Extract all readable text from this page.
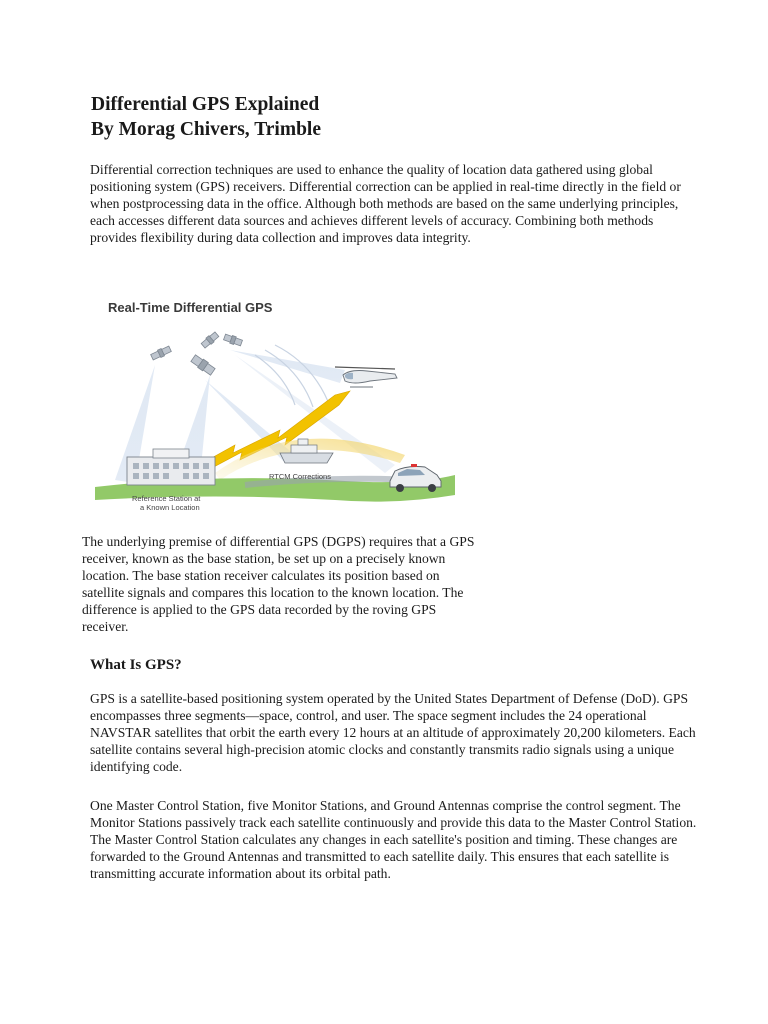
Differential GPS Explained
By Morag Chivers, Trimble

Differential correction techniques are used to enhance the quality of location data gathered using global positioning system (GPS) receivers. Differential correction can be applied in real-time directly in the field or when postprocessing data in the office. Although both methods are based on the same underlying principles, each accesses different data sources and achieves different levels of accuracy. Combining both methods provides flexibility during data collection and improves data integrity.

Real-Time Differential GPS
Reference Station at
a Known Location
RTCM Corrections

The underlying premise of differential GPS (DGPS) requires that a GPS receiver, known as the base station, be set up on a precisely known location. The base station receiver calculates its position based on satellite signals and compares this location to the known location. The difference is applied to the GPS data recorded by the roving GPS receiver.

What Is GPS?

GPS is a satellite-based positioning system operated by the United States Department of Defense (DoD). GPS encompasses three segments—space, control, and user. The space segment includes the 24 operational NAVSTAR satellites that orbit the earth every 12 hours at an altitude of approximately 20,200 kilometers. Each satellite contains several high-precision atomic clocks and constantly transmits radio signals using a unique identifying code.

One Master Control Station, five Monitor Stations, and Ground Antennas comprise the control segment. The Monitor Stations passively track each satellite continuously and provide this data to the Master Control Station. The Master Control Station calculates any changes in each satellite's position and timing. These changes are forwarded to the Ground Antennas and transmitted to each satellite daily. This ensures that each satellite is transmitting accurate information about its orbital path.
